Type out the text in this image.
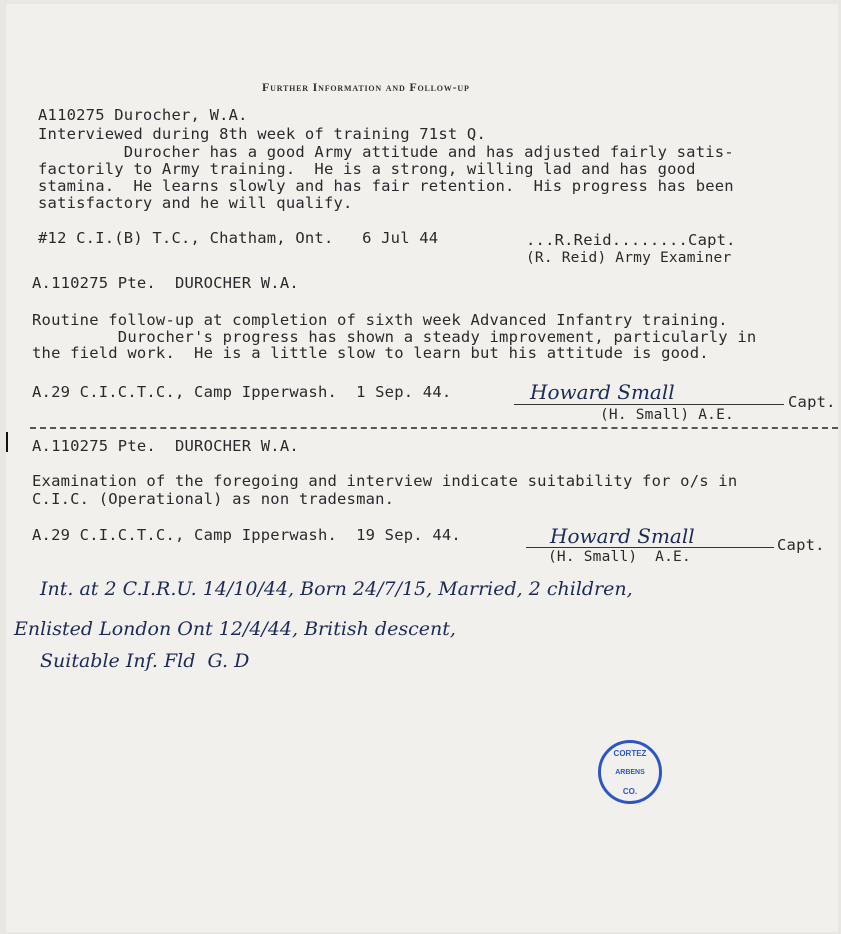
Further Information and Follow-up
A110275 Durocher, W.A.
Interviewed during 8th week of training 71st Q.
Durocher has a good Army attitude and has adjusted fairly satis-
factorily to Army training.  He is a strong, willing lad and has good
stamina.  He learns slowly and has fair retention.  His progress has been
satisfactory and he will qualify.
#12 C.I.(B) T.C., Chatham, Ont.   6 Jul 44	...R.Reid........Capt.
(R. Reid) Army Examiner
A.110275 Pte.  DUROCHER W.A.
Routine follow-up at completion of sixth week Advanced Infantry training.
Durocher's progress has shown a steady improvement, particularly in
the field work.  He is a little slow to learn but his attitude is good.
A.29 C.I.C.T.C., Camp Ipperwash.  1 Sep. 44.	Howard Small	Capt.
(H. Small) A.E.
A.110275 Pte.  DUROCHER W.A.
Examination of the foregoing and interview indicate suitability for o/s in
C.I.C. (Operational) as non tradesman.
A.29 C.I.C.T.C., Camp Ipperwash.  19 Sep. 44.	Howard Small	Capt.
(H. Small)  A.E.
Int. at 2 C.I.R.U. 14/10/44, Born 24/7/15, Married, 2 children,
Enlisted London Ont 12/4/44, British descent,
Suitable Inf. Fld  G. D
CORTEZ
ARBENS
CO.
